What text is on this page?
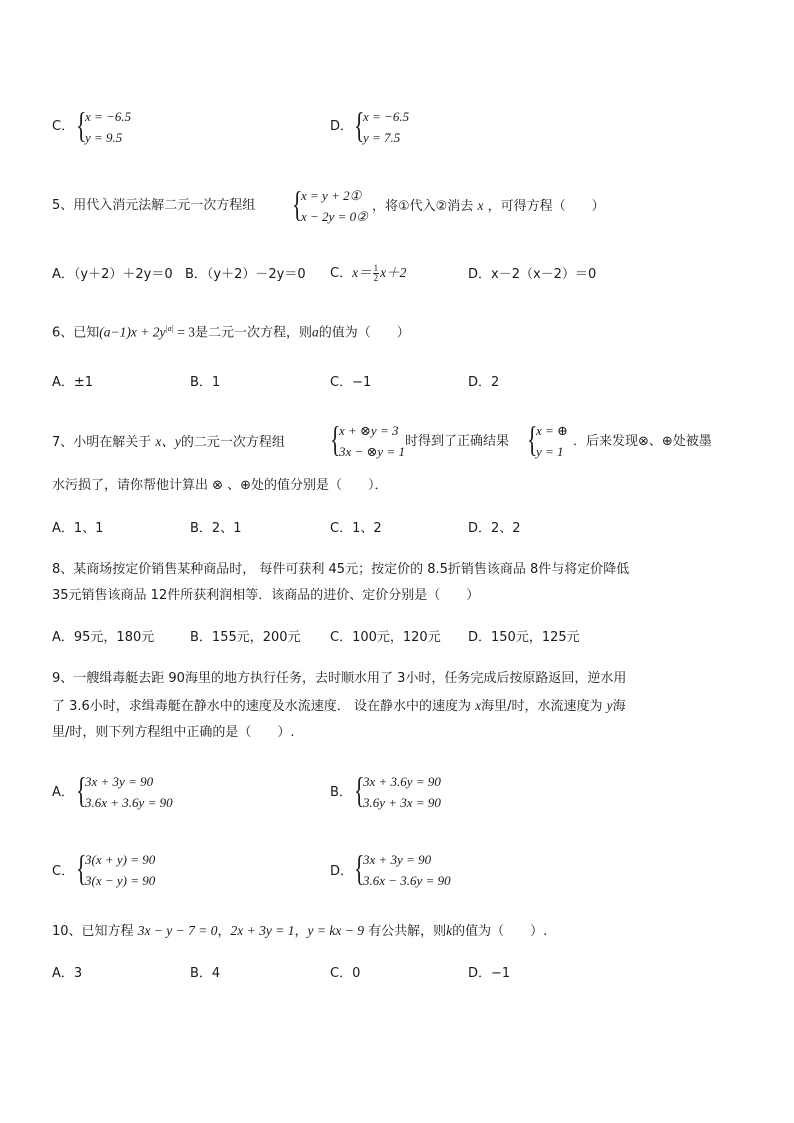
C． {
x = −6.5
y = 9.5
D． {
x = −6.5
y = 7.5
5、用代入消元法解二元一次方程组 {
x = y + 2①
x − 2y = 0②
，将①代入②消去 x ，可得方程（　　）
A．（y＋2）＋2y＝0 B．（y＋2）－2y＝0 C．$x= \frac{1}{2} x+2$	D．x－2（x－2）＝0
6、已知$(a-1)x + 2y^{|a|} = 3$是二元一次方程，则a的值为（　　）
A．±1	B．1	C．−1	D．2
7、小明在解关于 x、y的二元一次方程组 {
x + ⊗y = 3
3x − ⊗y = 1
时得到了正确结果 {
x = ⊕
y = 1
．后来发现⊗、⊕处被墨
水污损了，请你帮他计算出 ⊗ 、⊕处的值分别是（　　）．
A．1、1	B．2、1	C．1、2	D．2、2
8、某商场按定价销售某种商品时， 每件可获利 45元；按定价的 8.5折销售该商品 8件与将定价降低
35元销售该商品 12件所获利润相等．该商品的进价、定价分别是（　　）
A．95元，180元	B．155元，200元 C．100元，120元 D．150元，125元
9、一艘缉毒艇去距 90海里的地方执行任务，去时顺水用了 3小时，任务完成后按原路返回，逆水用
了 3.6小时，求缉毒艇在静水中的速度及水流速度． 设在静水中的速度为 x海里/时，水流速度为 y海
里/时，则下列方程组中正确的是（　　）.
A． {
3x + 3y = 90
3.6x + 3.6y = 90
B． {
3x + 3.6y = 90
3.6y + 3x = 90
C． {
3(x + y) = 90
3(x − y) = 90
D． {
3x + 3y = 90
3.6x − 3.6y = 90
10、已知方程 3x − y − 7 = 0，2x + 3y = 1，y = kx − 9 有公共解，则k的值为（　　）.
A．3	B．4	C．0	D．−1
